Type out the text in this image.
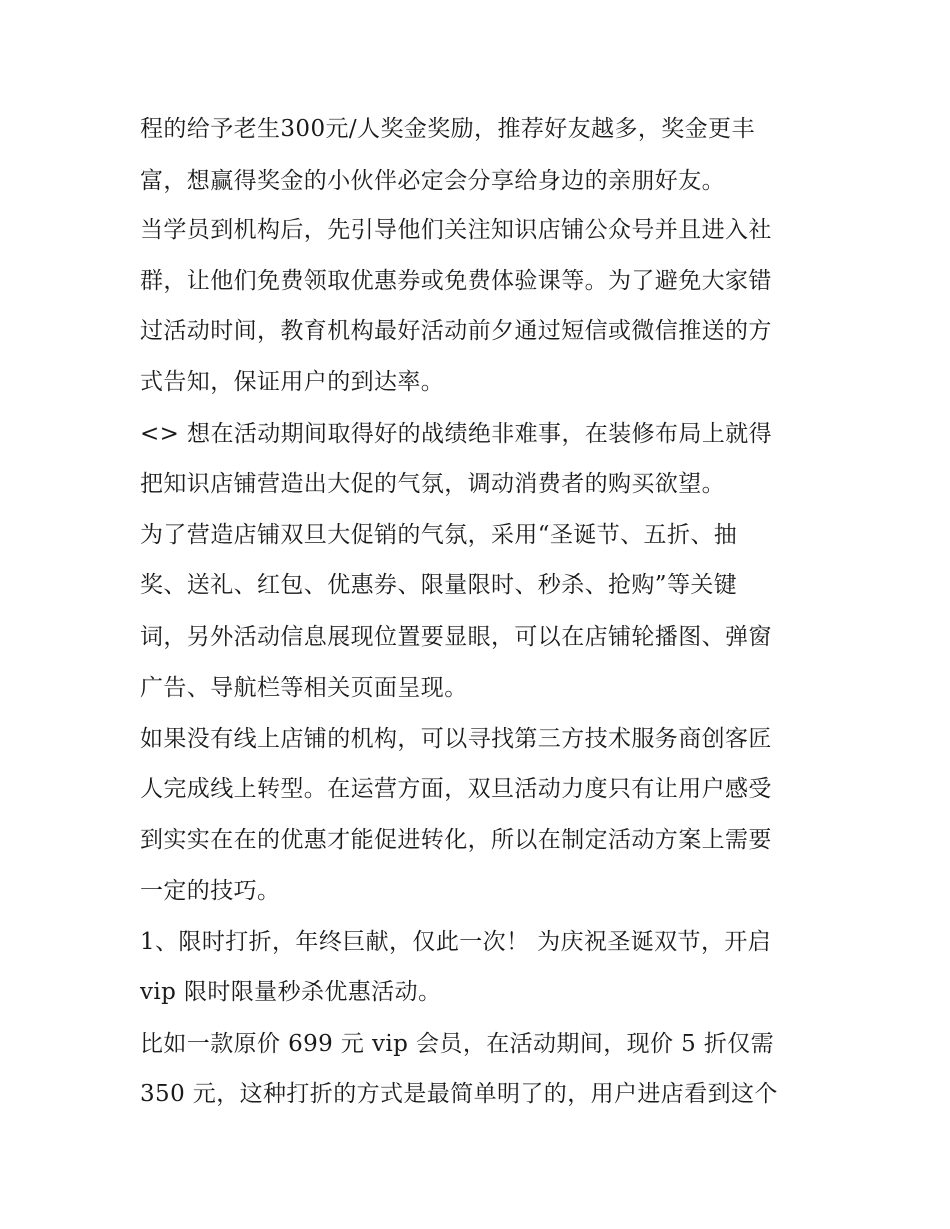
程的给予老生300元/人奖金奖励，推荐好友越多，奖金更丰

富，想赢得奖金的小伙伴必定会分享给身边的亲朋好友。

当学员到机构后，先引导他们关注知识店铺公众号并且进入社

群，让他们免费领取优惠券或免费体验课等。为了避免大家错

过活动时间，教育机构最好活动前夕通过短信或微信推送的方

式告知，保证用户的到达率。

<> 想在活动期间取得好的战绩绝非难事，在装修布局上就得

把知识店铺营造出大促的气氛，调动消费者的购买欲望。

为了营造店铺双旦大促销的气氛，采用“圣诞节、五折、抽

奖、送礼、红包、优惠券、限量限时、秒杀、抢购”等关键

词，另外活动信息展现位置要显眼，可以在店铺轮播图、弹窗

广告、导航栏等相关页面呈现。

如果没有线上店铺的机构，可以寻找第三方技术服务商创客匠

人完成线上转型。在运营方面，双旦活动力度只有让用户感受

到实实在在的优惠才能促进转化，所以在制定活动方案上需要

一定的技巧。

1、限时打折，年终巨献，仅此一次！ 为庆祝圣诞双节，开启

vip 限时限量秒杀优惠活动。

比如一款原价 699 元 vip 会员，在活动期间，现价 5 折仅需

350 元，这种打折的方式是最简单明了的，用户进店看到这个
